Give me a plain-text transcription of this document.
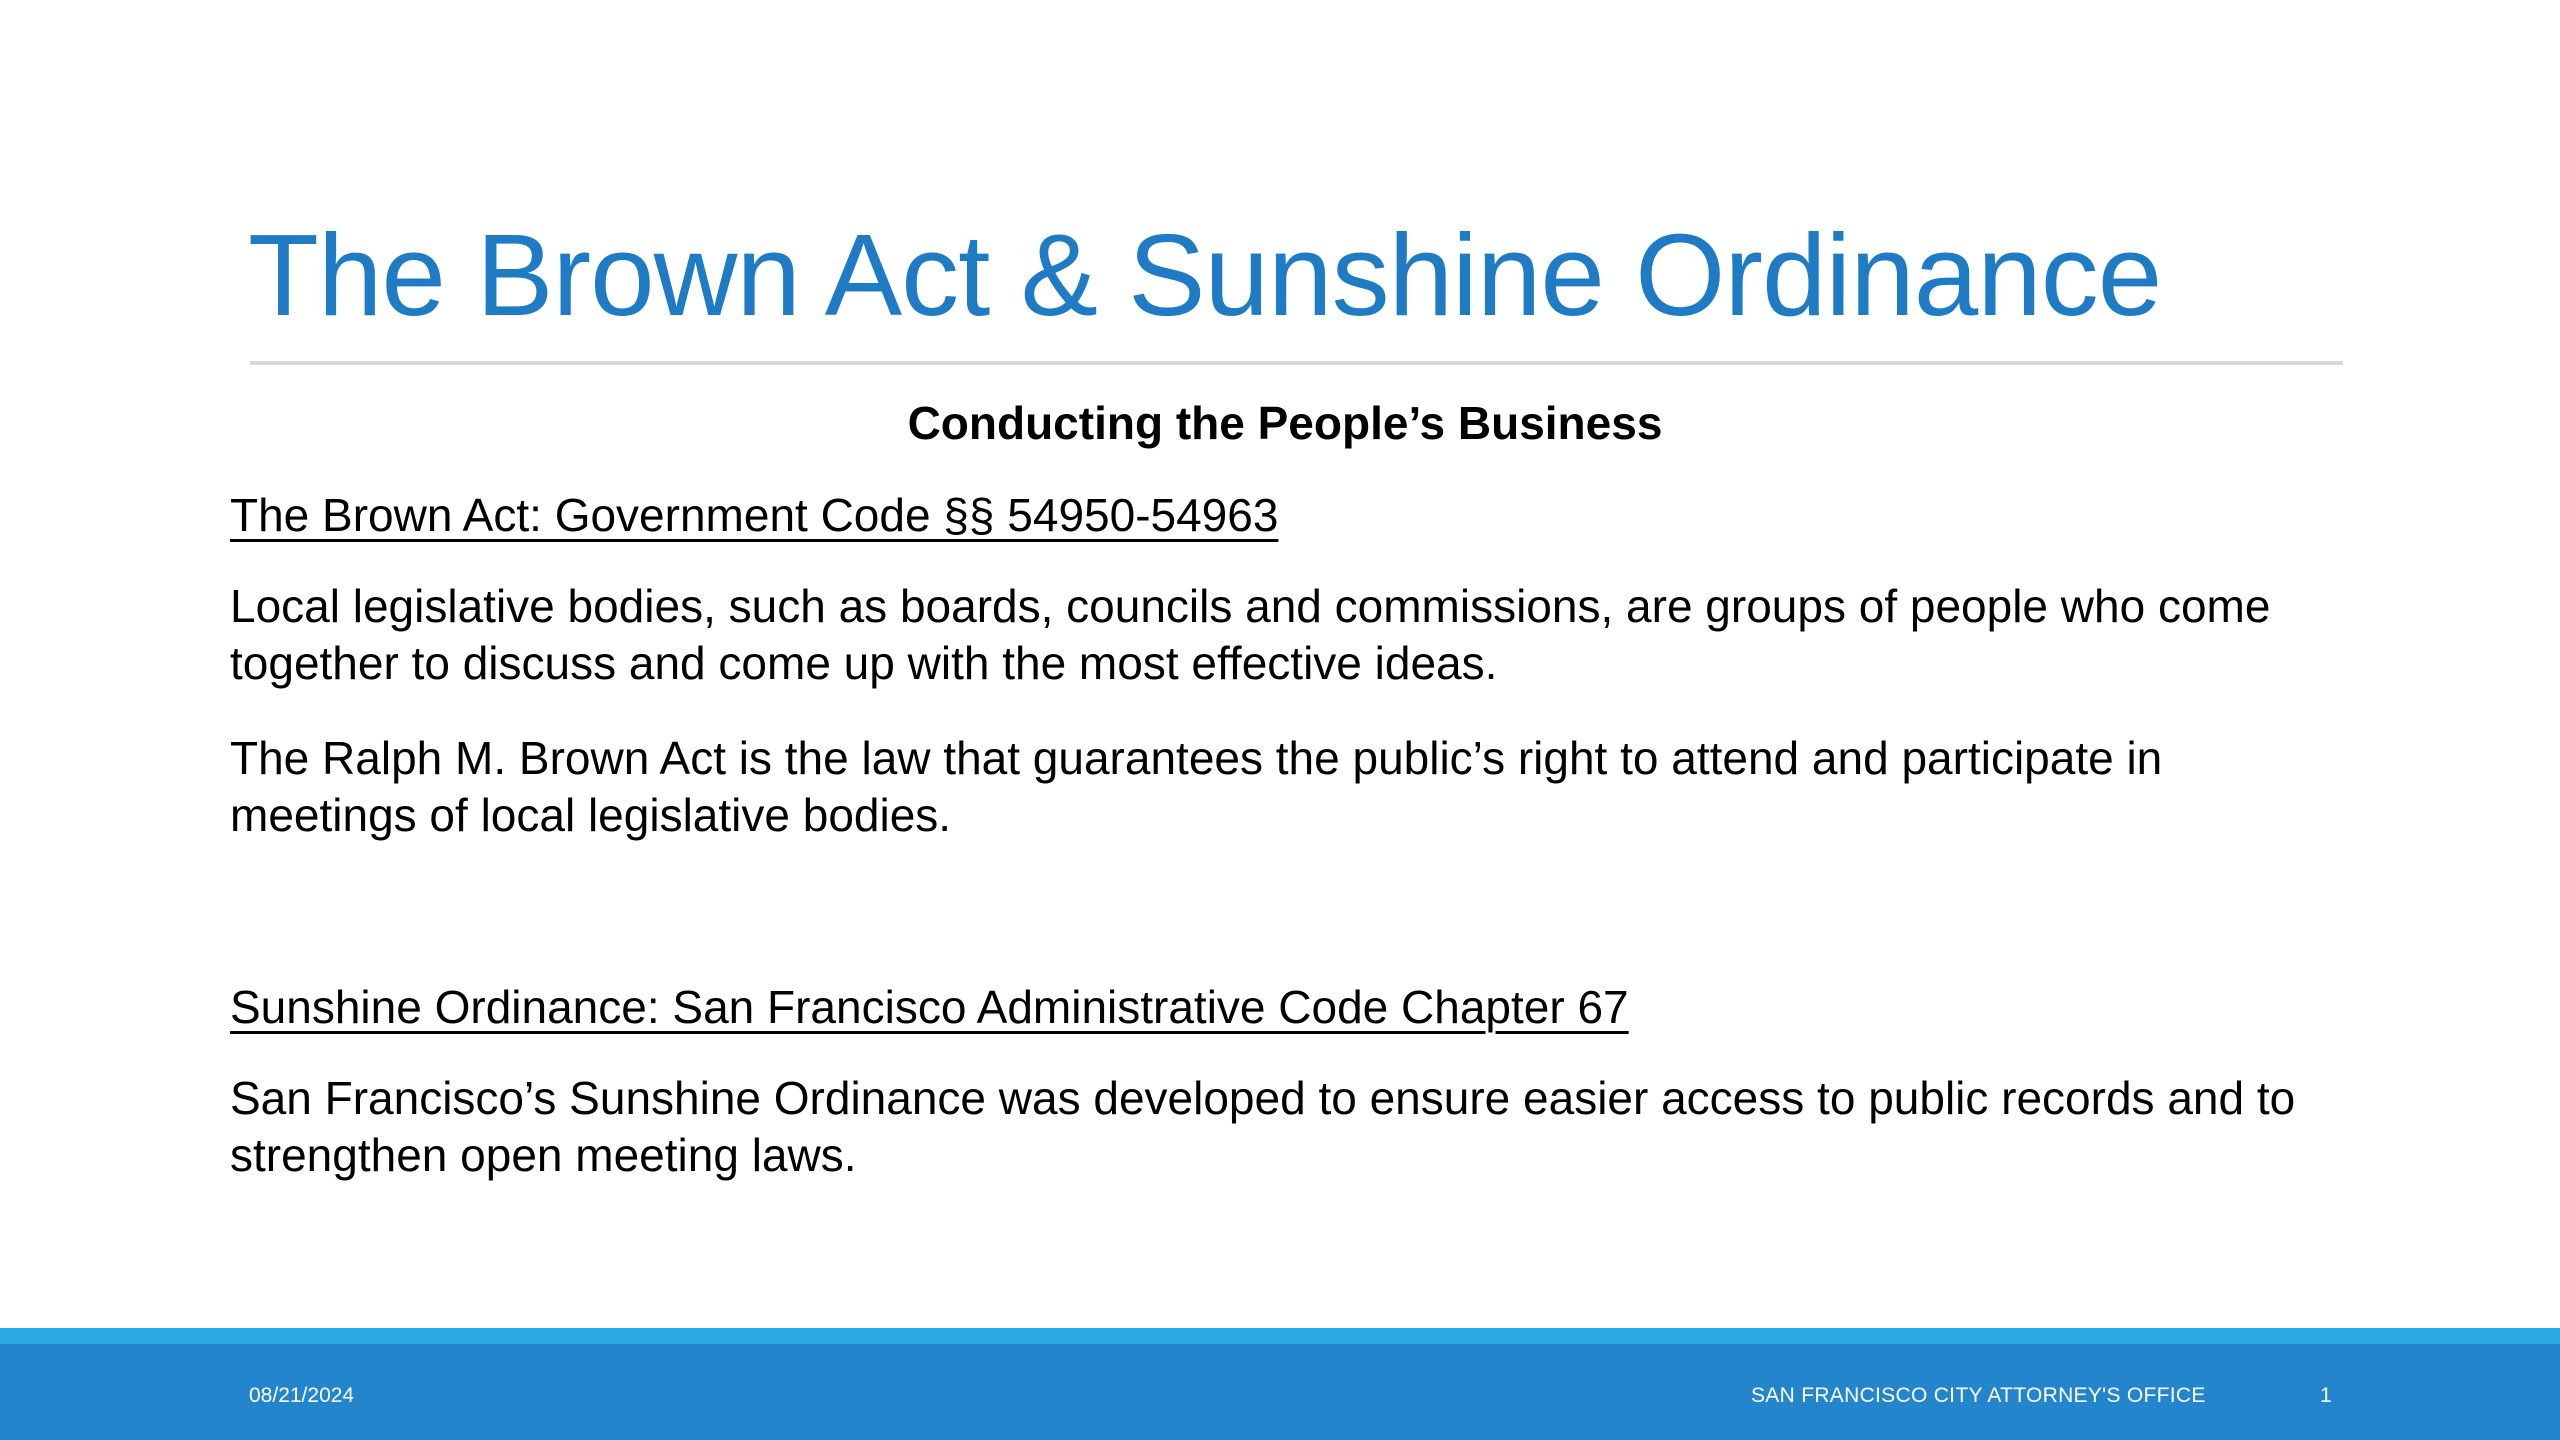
The Brown Act & Sunshine Ordinance
Conducting the People’s Business
The Brown Act: Government Code §§ 54950-54963
Local legislative bodies, such as boards, councils and commissions, are groups of people who come together to discuss and come up with the most effective ideas.
The Ralph M. Brown Act is the law that guarantees the public’s right to attend and participate in meetings of local legislative bodies.
Sunshine Ordinance: San Francisco Administrative Code Chapter 67
San Francisco’s Sunshine Ordinance was developed to ensure easier access to public records and to strengthen open meeting laws.
08/21/2024	SAN FRANCISCO CITY ATTORNEY'S OFFICE	1
